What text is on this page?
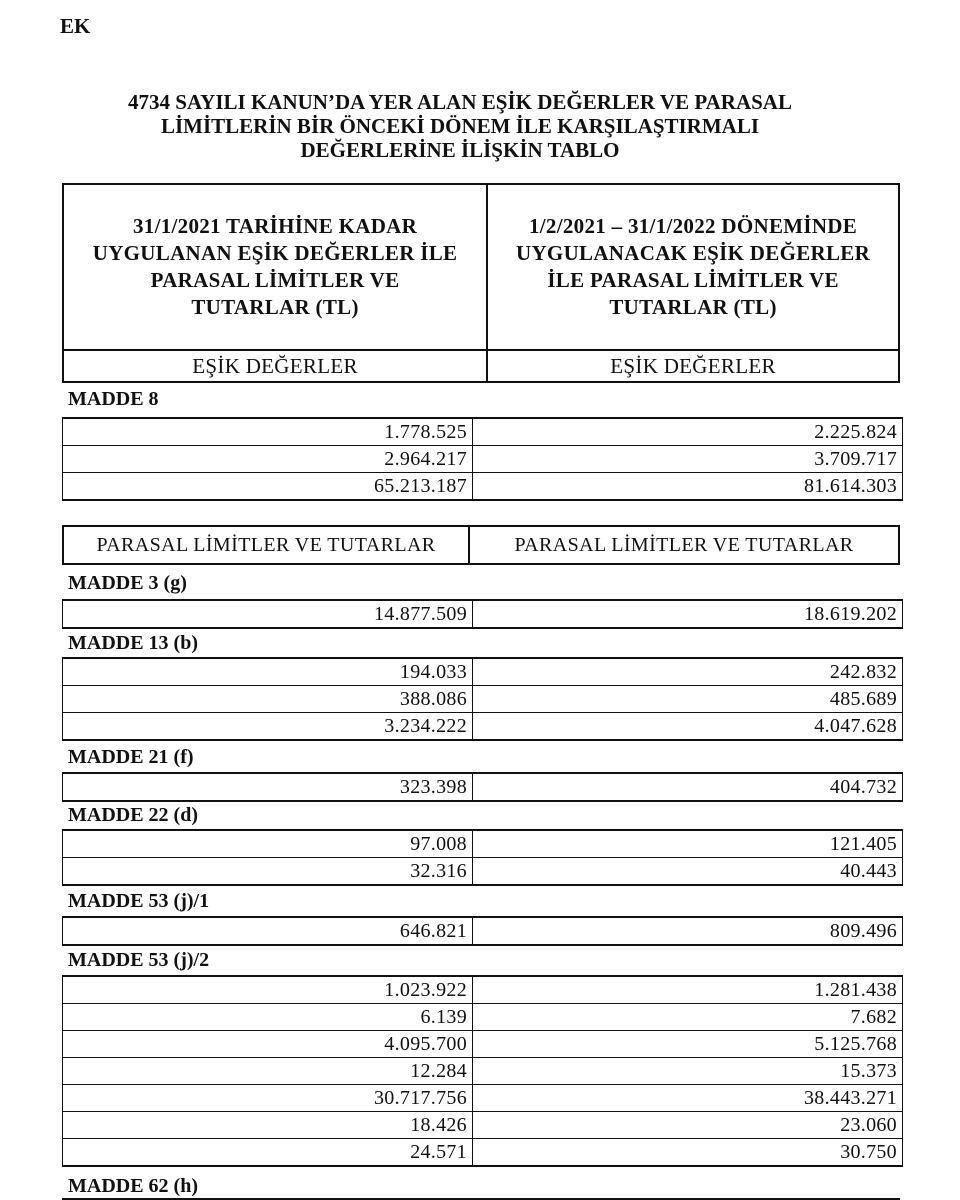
EK
4734 SAYILI KANUN’DA YER ALAN EŞİK DEĞERLER VE PARASAL
LİMİTLERİN BİR ÖNCEKİ DÖNEM İLE KARŞILAŞTIRMALI
DEĞERLERİNE İLİŞKİN TABLO
31/1/2021 TARİHİNE KADAR
UYGULANAN EŞİK DEĞERLER İLE
PARASAL LİMİTLER VE
TUTARLAR (TL)	1/2/2021 – 31/1/2022 DÖNEMİNDE
UYGULANACAK EŞİK DEĞERLER
İLE PARASAL LİMİTLER VE
TUTARLAR (TL)

EŞİK DEĞERLER	EŞİK DEĞERLER
MADDE 8
1.778.525	2.225.824
2.964.217	3.709.717
65.213.187	81.614.303
PARASAL LİMİTLER VE TUTARLAR	PARASAL LİMİTLER VE TUTARLAR
MADDE 3 (g)
14.877.509	18.619.202
MADDE 13 (b)
194.033	242.832
388.086	485.689
3.234.222	4.047.628
MADDE 21 (f)
323.398	404.732
MADDE 22 (d)
97.008	121.405
32.316	40.443
MADDE 53 (j)/1
646.821	809.496
MADDE 53 (j)/2
1.023.922	1.281.438
6.139	7.682
4.095.700	5.125.768
12.284	15.373
30.717.756	38.443.271
18.426	23.060
24.571	30.750
MADDE 62 (h)
